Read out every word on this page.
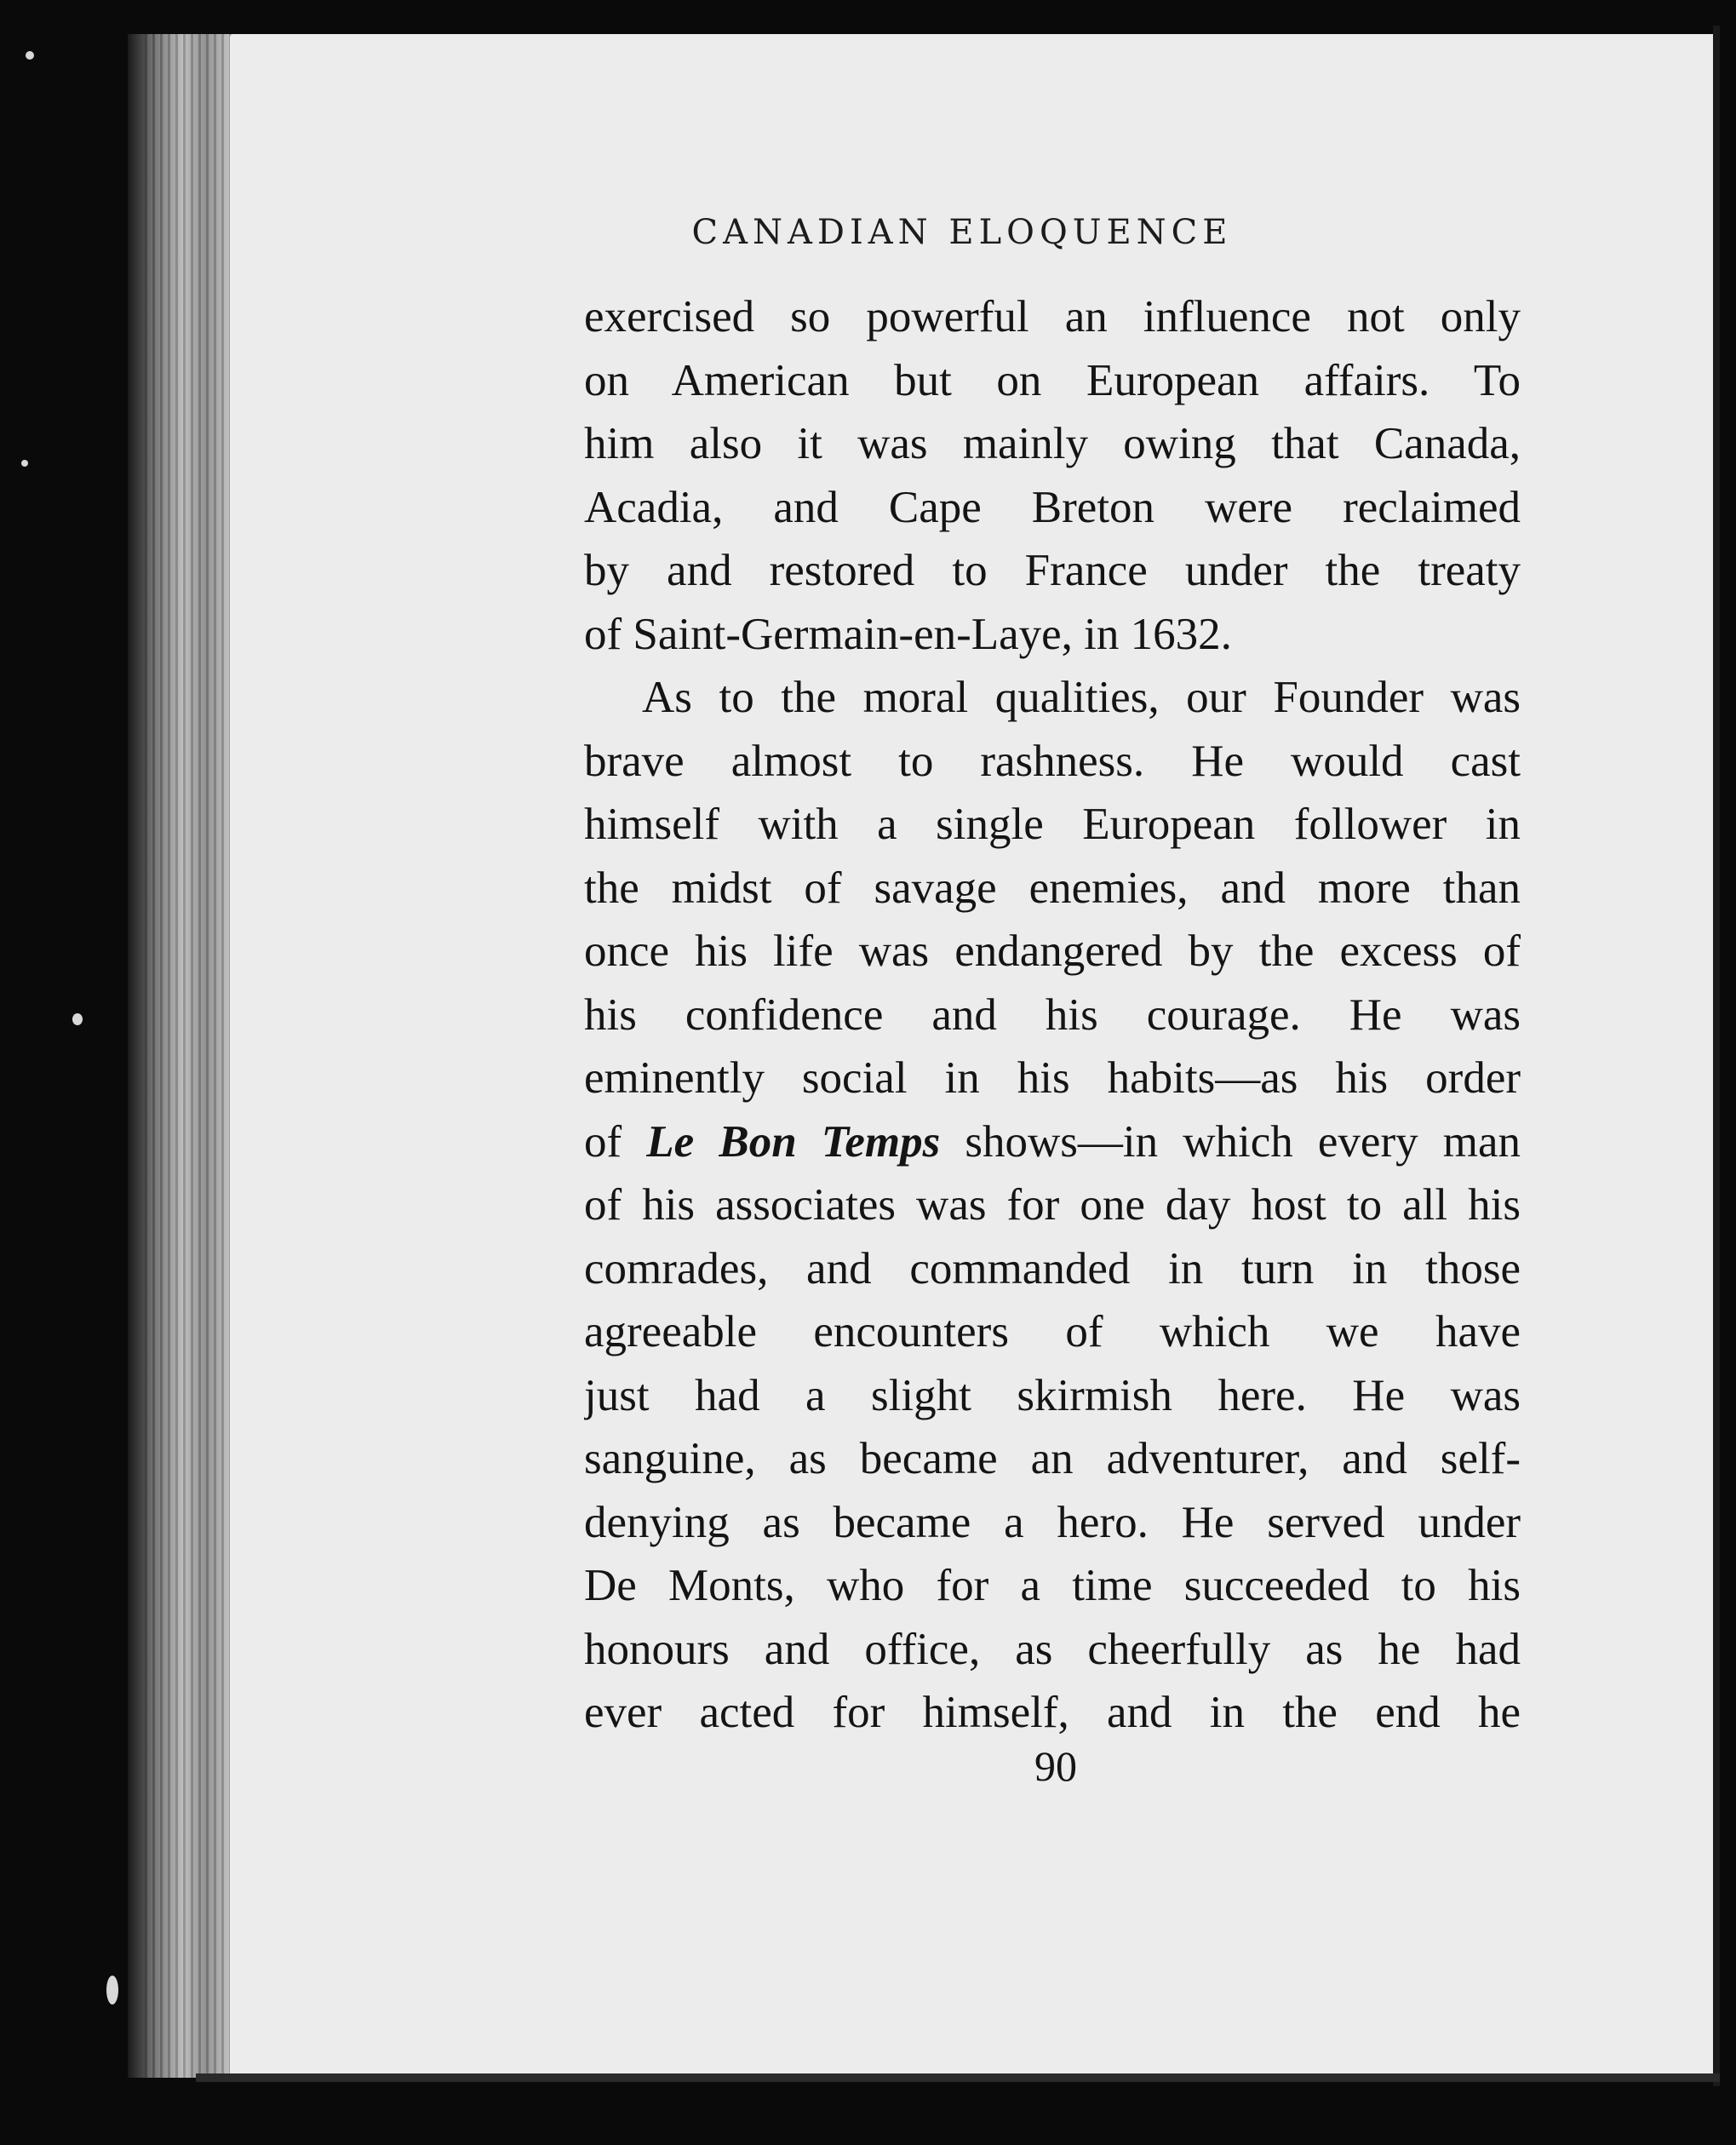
CANADIAN ELOQUENCE
exercised so powerful an influence not only
on American but on European affairs. To
him also it was mainly owing that Canada,
Acadia, and Cape Breton were reclaimed
by and restored to France under the treaty
of Saint-Germain-en-Laye, in 1632.
As to the moral qualities, our Founder was
brave almost to rashness. He would cast
himself with a single European follower in
the midst of savage enemies, and more than
once his life was endangered by the excess of
his confidence and his courage. He was
eminently social in his habits—as his order
of Le Bon Temps shows—in which every man
of his associates was for one day host to all his
comrades, and commanded in turn in those
agreeable encounters of which we have
just had a slight skirmish here. He was
sanguine, as became an adventurer, and self-
denying as became a hero. He served under
De Monts, who for a time succeeded to his
honours and office, as cheerfully as he had
ever acted for himself, and in the end he
90
